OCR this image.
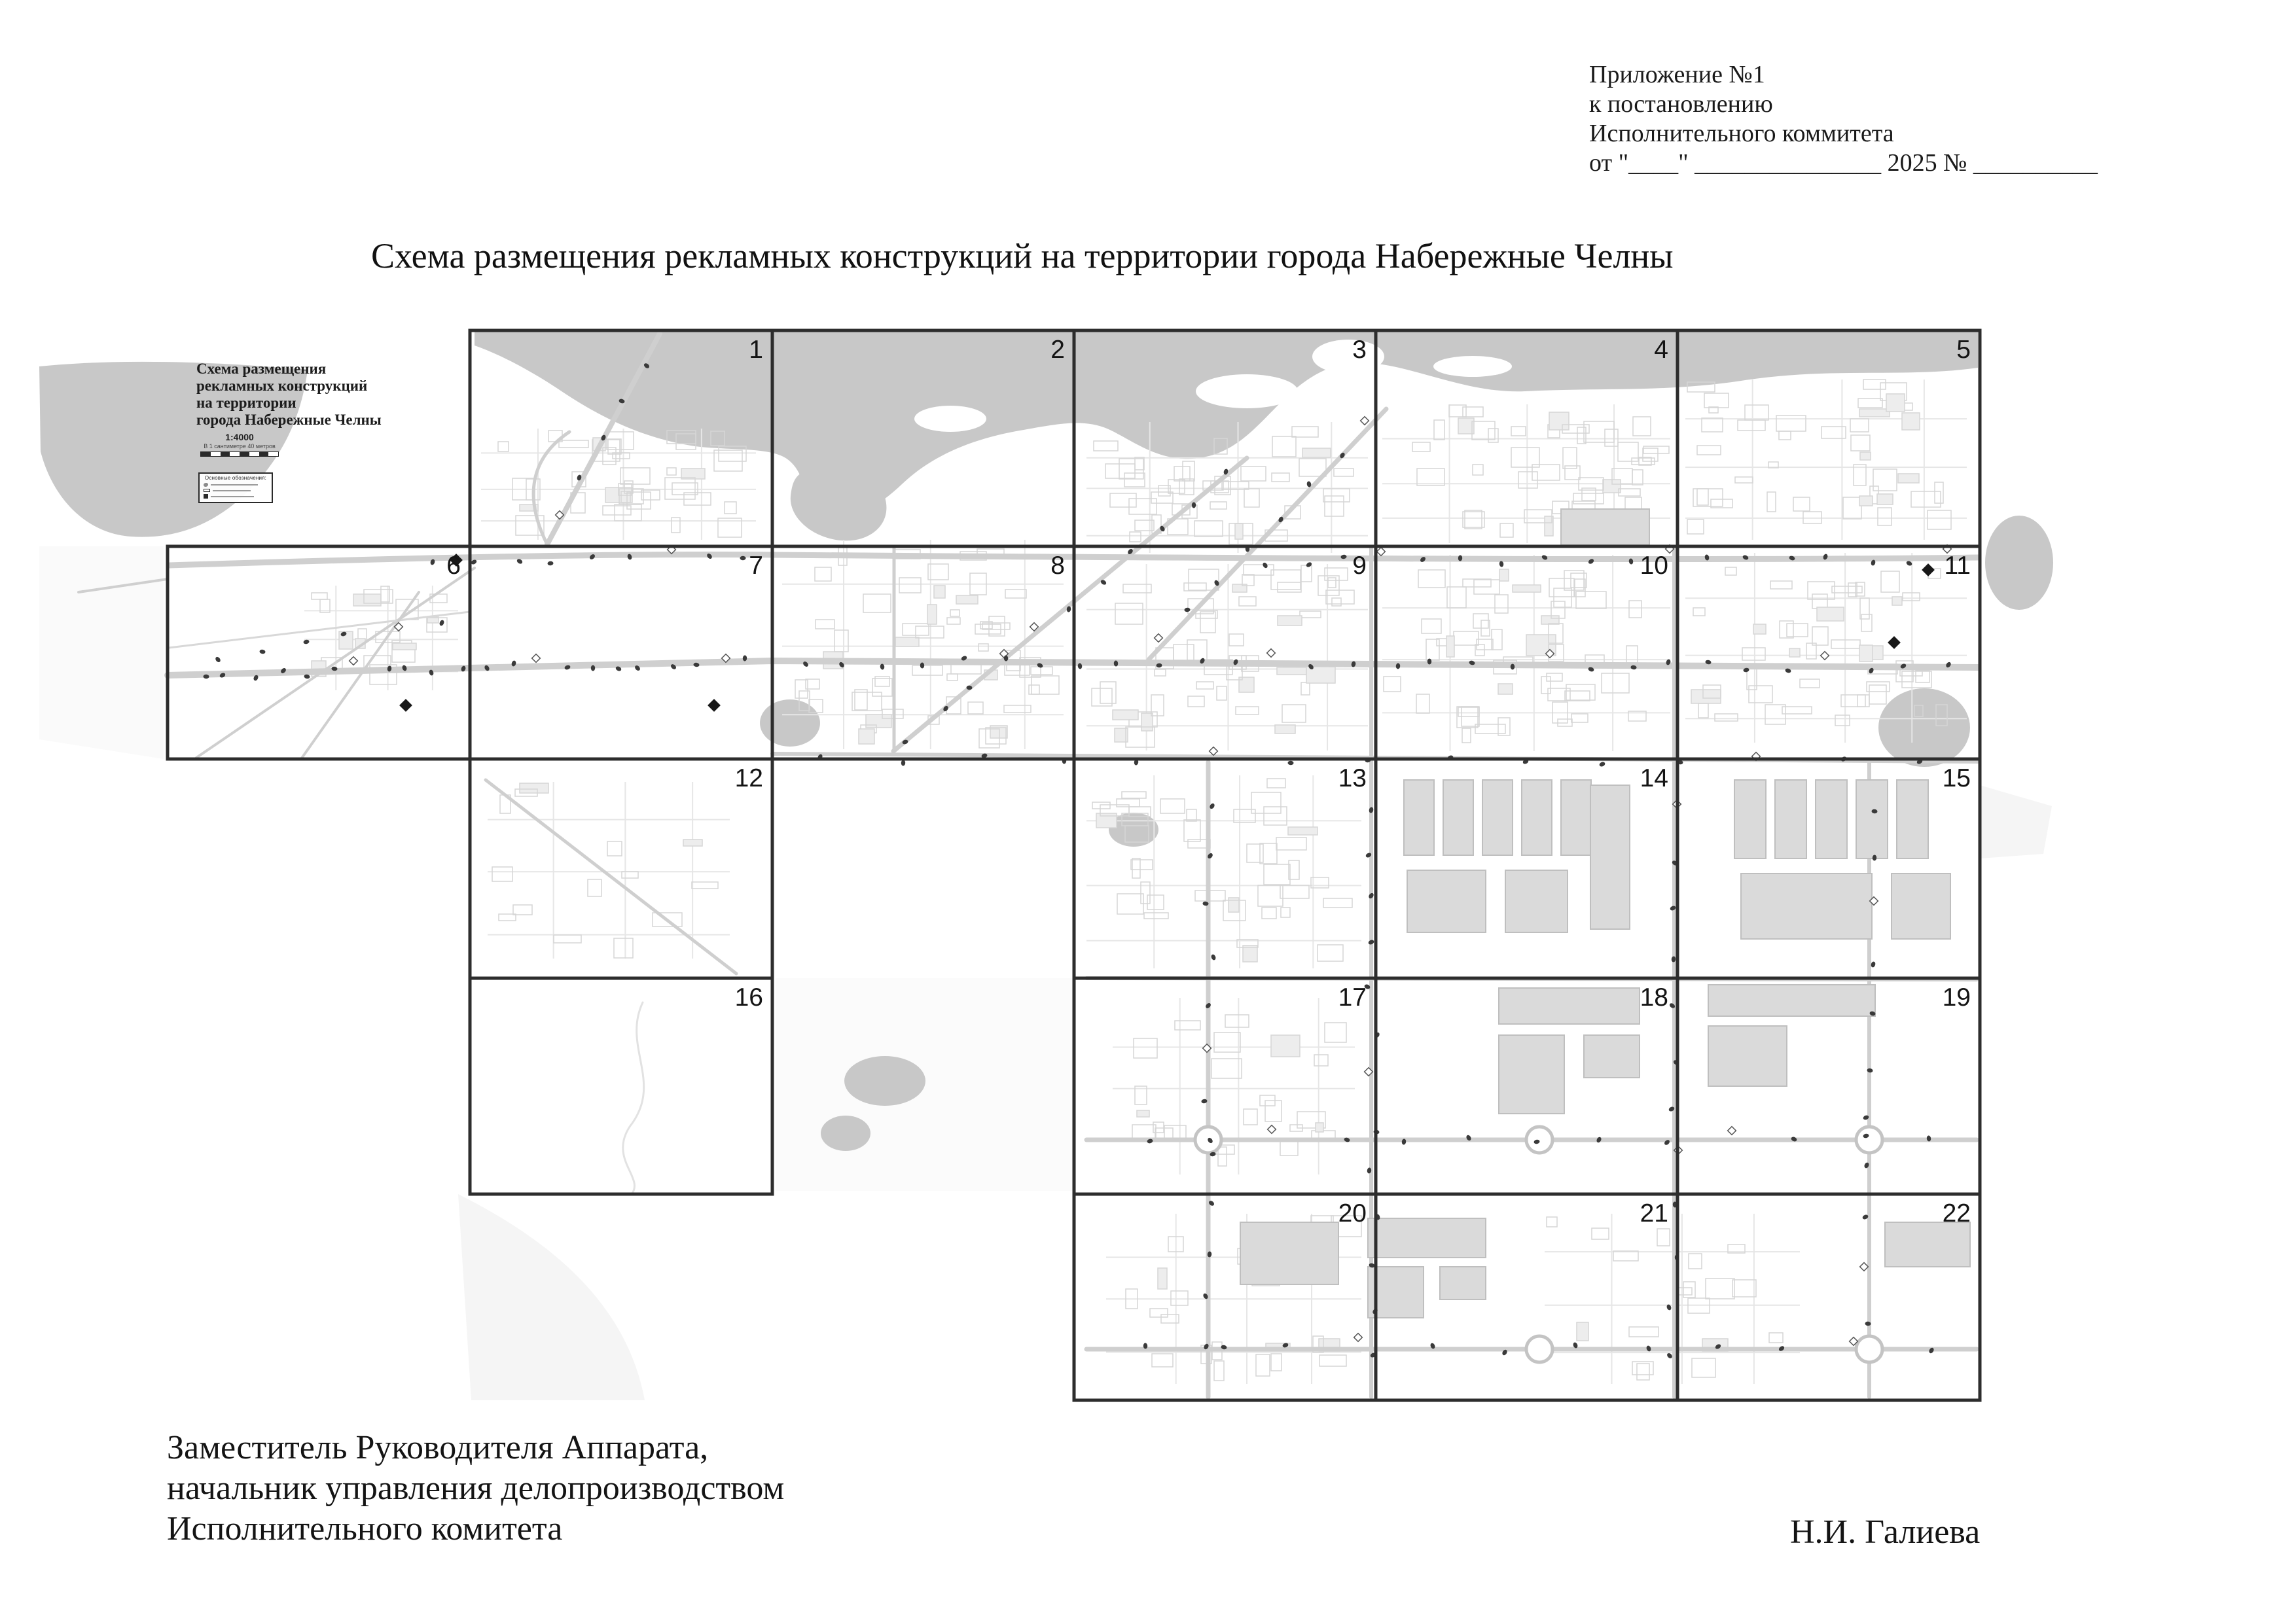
Приложение №1
к постановлению
Исполнительного коммитета
от "____" _______________ 2025 № __________
Схема размещения рекламных конструкций на территории города Набережные Челны
Схема размещения
рекламных конструкций
на территории
города Набережные Челны
1:4000
В 1 сантиметре 40 метров
Основные обозначения:
1	2	3	4	5
6	7	8	9	10	11
12	13	14	15
16	17	18	19
20	21	22
Заместитель Руководителя Аппарата,
начальник управления делопроизводством
Исполнительного комитета	Н.И. Галиева
